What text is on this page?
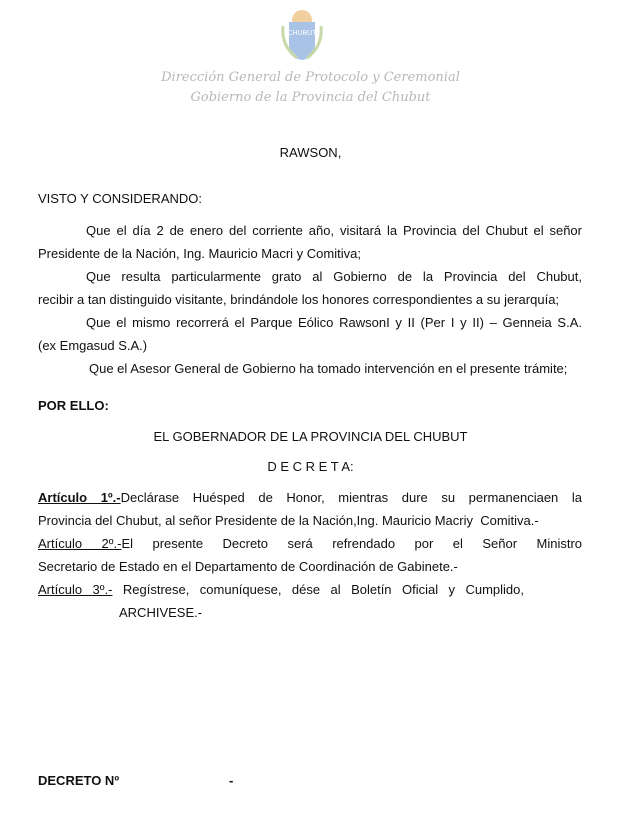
CHUBUT
Dirección General de Protocolo y Ceremonial
Gobierno de la Provincia del Chubut
RAWSON,
VISTO Y CONSIDERANDO:
Que el día 2 de enero del corriente año, visitará la Provincia del Chubut el señor
Presidente de la Nación, Ing. Mauricio Macri y Comitiva;
Que resulta particularmente grato al Gobierno de la Provincia del Chubut,
recibir a tan distinguido visitante, brindándole los honores correspondientes a su jerarquía;
Que el mismo recorrerá el Parque Eólico RawsonI y II (Per I y II) – Genneia S.A.
(ex Emgasud S.A.)
Que el Asesor General de Gobierno ha tomado intervención en el presente trámite;
POR ELLO:
EL GOBERNADOR DE LA PROVINCIA DEL CHUBUT
D E C R E T A:
Artículo 1º.-Declárase Huésped de Honor, mientras dure su permanenciaen la
Provincia del Chubut, al señor Presidente de la Nación,Ing. Mauricio Macriy  Comitiva.-
Artículo 2º.-El presente Decreto será refrendado por el Señor Ministro
Secretario de Estado en el Departamento de Coordinación de Gabinete.-
Artículo 3º.- Regístrese, comuníquese, dése al Boletín Oficial y Cumplido,
ARCHIVESE.-
DECRETO Nº	-
